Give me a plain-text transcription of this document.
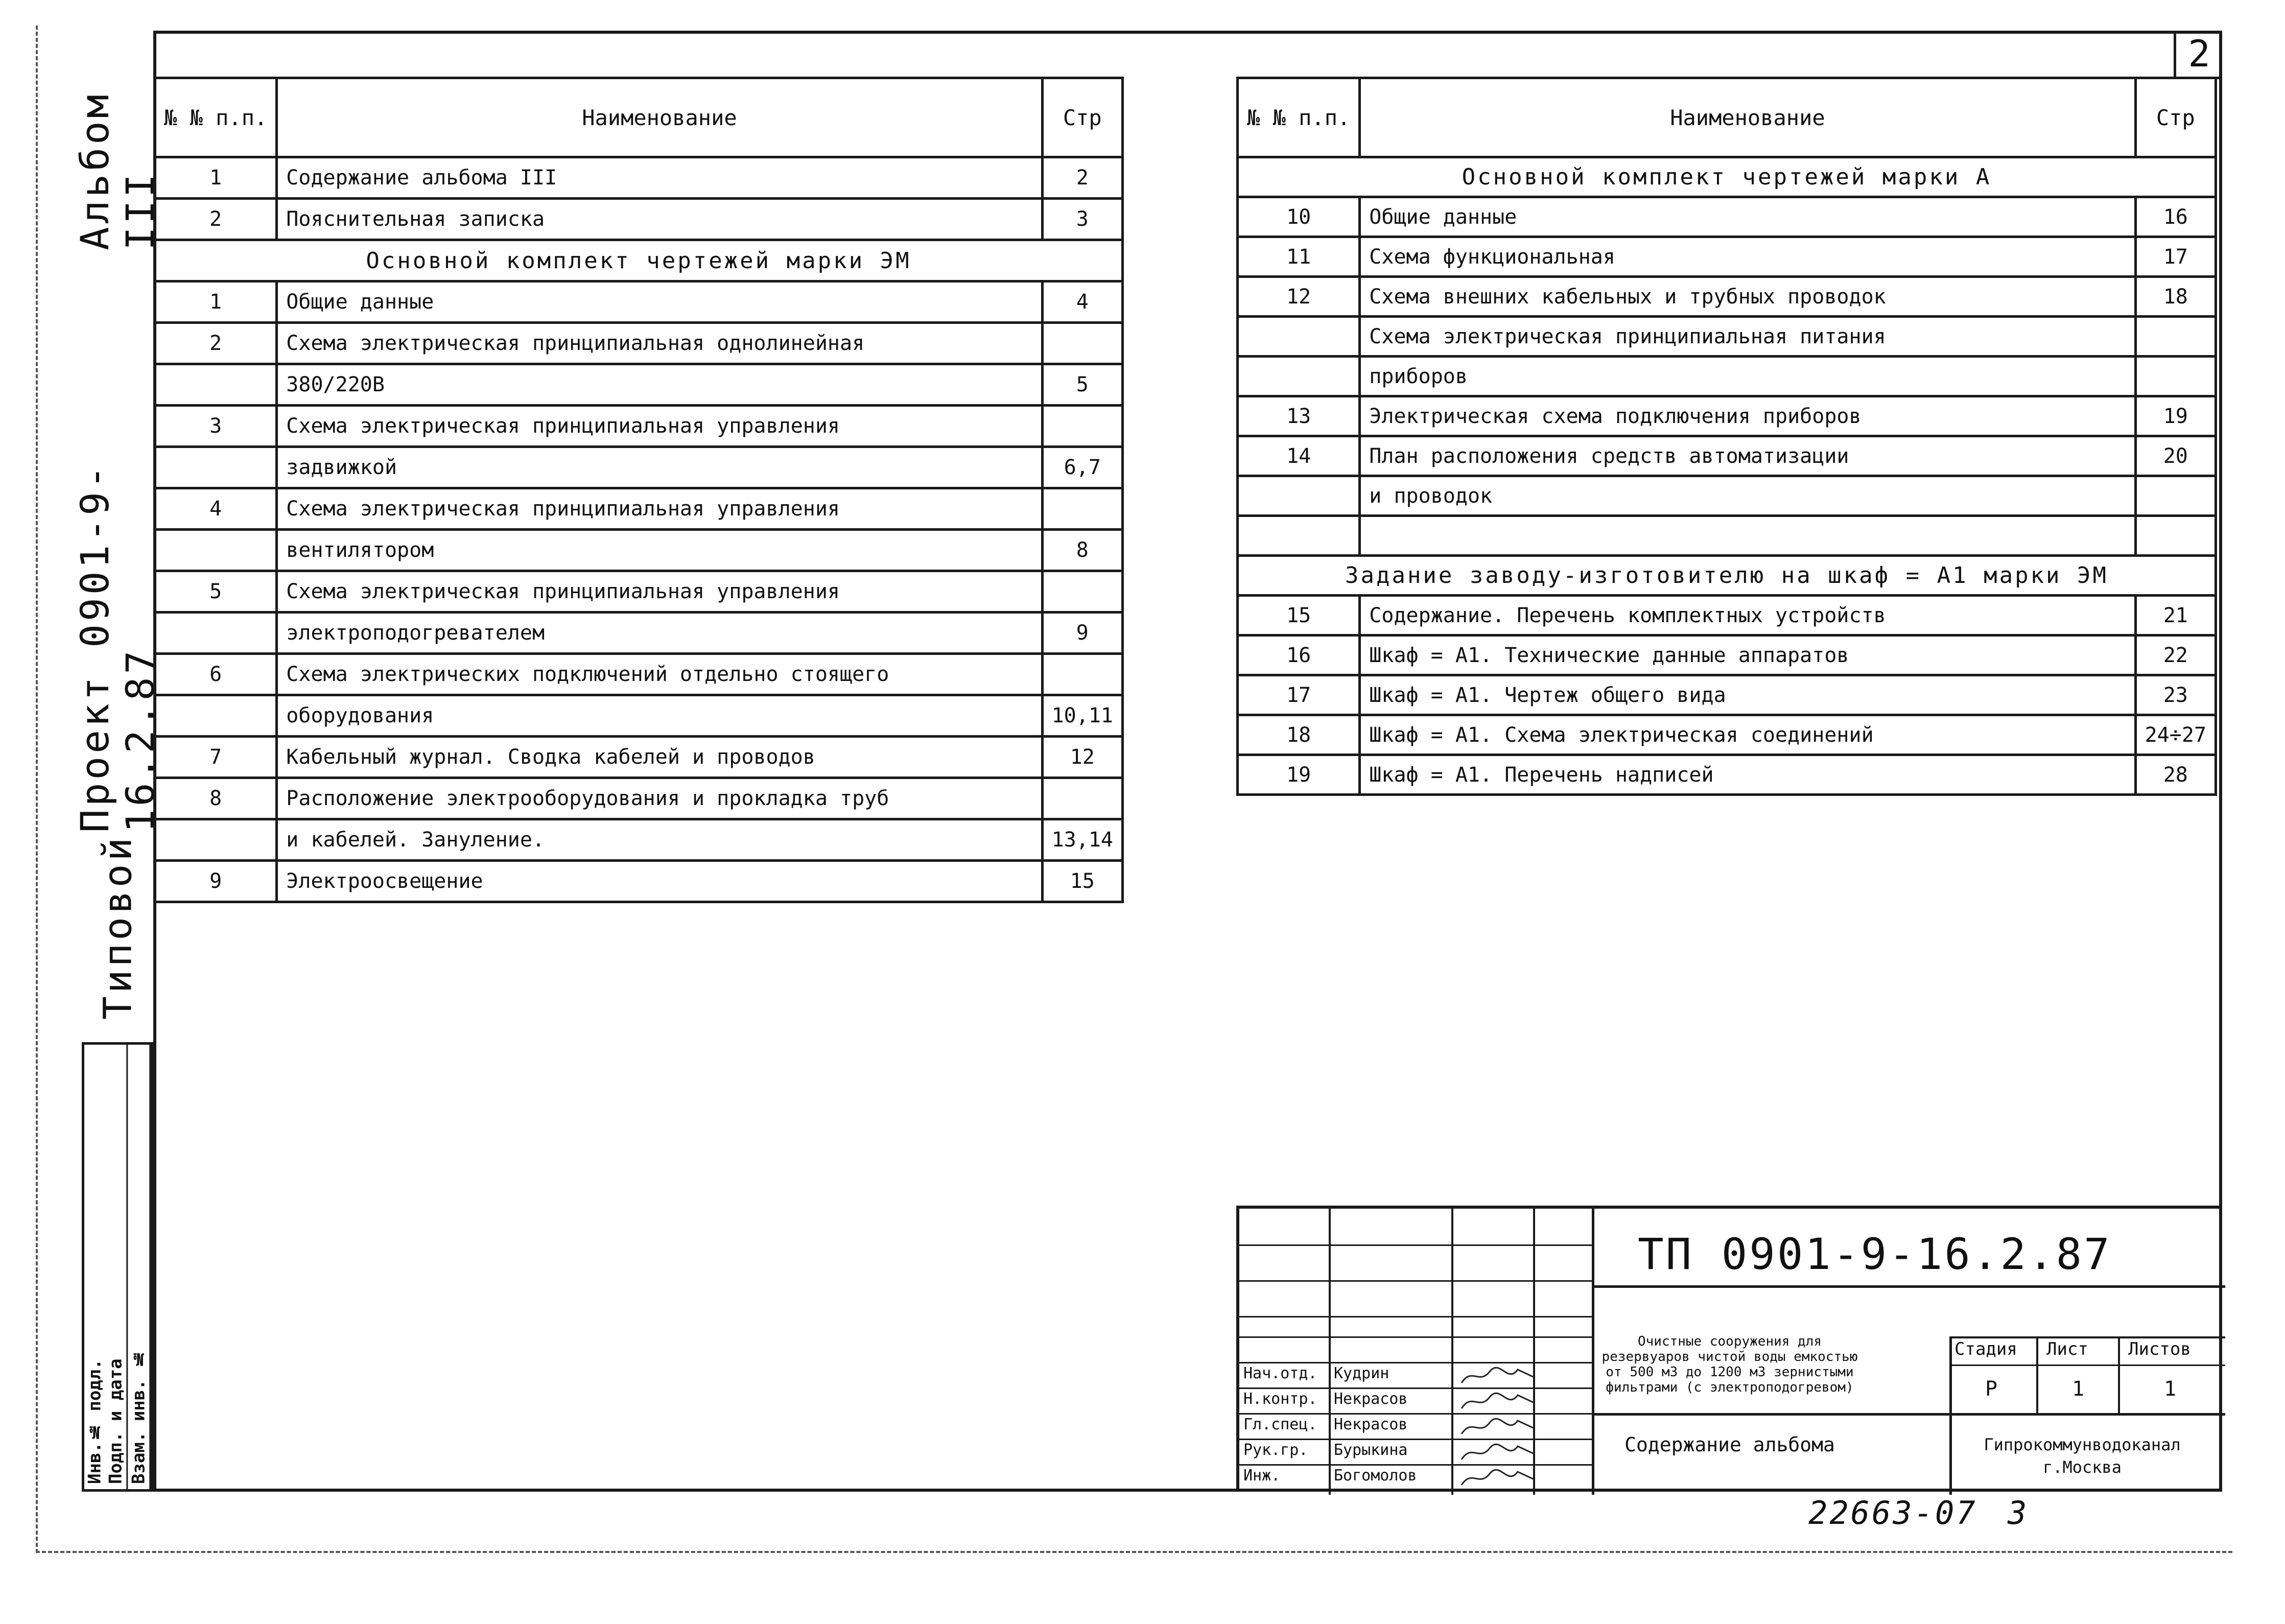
2
Альбом III
Проект 0901-9-16.2.87
Типовой
Инв.№ подл. Подп. и дата Взам. инв. №
№ № п.п.	Наименование	Стр
1	Содержание альбома III	2
2	Пояснительная записка	3
Основной комплект чертежей марки ЭМ		
1	Общие данные	4
2	Схема электрическая принципиальная однолинейная	
	380/220В	5
3	Схема электрическая принципиальная управления	
	задвижкой	6,7
4	Схема электрическая принципиальная управления	
	вентилятором	8
5	Схема электрическая принципиальная управления	
	электроподогревателем	9
6	Схема электрических подключений отдельно стоящего	
	оборудования	10,11
7	Кабельный журнал. Сводка кабелей и проводов	12
8	Расположение электрооборудования и прокладка труб	
	и кабелей. Зануление.	13,14
9	Электроосвещение	15
№ № п.п.	Наименование	Стр
Основной комплект чертежей марки А		
10	Общие данные	16
11	Схема функциональная	17
12	Схема внешних кабельных и трубных проводок	18
	Схема электрическая принципиальная питания	
	приборов	
13	Электрическая схема подключения приборов	19
14	План расположения средств автоматизации	20
	и проводок	

Задание заводу-изготовителю на шкаф = А1 марки ЭМ		
15	Содержание. Перечень комплектных устройств	21
16	Шкаф = А1. Технические данные аппаратов	22
17	Шкаф = А1. Чертеж общего вида	23
18	Шкаф = А1. Схема электрическая соединений	24÷27
19	Шкаф = А1. Перечень надписей	28
ТП 0901-9-16.2.87
Очистные сооружения для резервуаров чистой воды емкостью от 500 м3 до 1200 м3 зернистыми фильтрами (с электроподогревом)
Содержание альбома	Гипрокоммунводоканал г.Москва
Стадия Лист Листов
Р	1	1
Нач.отд.	Кудрин
Н.контр.	Некрасов
Гл.спец.	Некрасов
Рук.гр.	Бурыкина
Инж.	Богомолов
22663-07 3
